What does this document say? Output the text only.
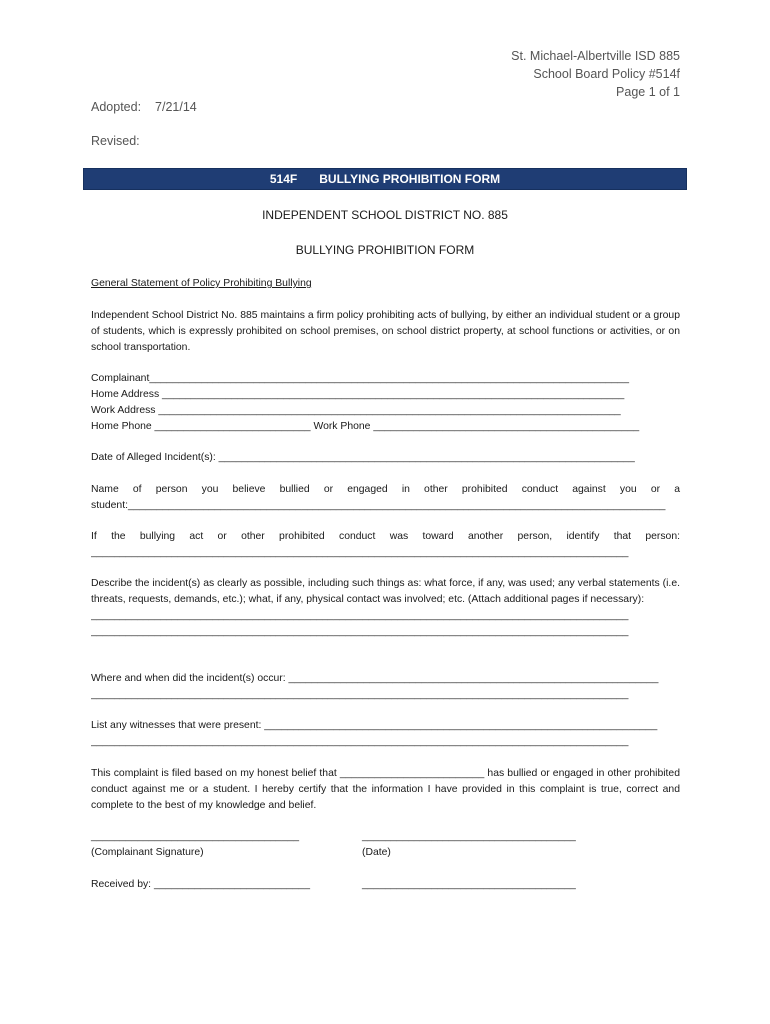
St. Michael-Albertville ISD 885
School Board Policy #514f
Page 1 of 1
Adopted: 7/21/14
Revised:
514F BULLYING PROHIBITION FORM
INDEPENDENT SCHOOL DISTRICT NO. 885
BULLYING PROHIBITION FORM
General Statement of Policy Prohibiting Bullying
Independent School District No. 885 maintains a firm policy prohibiting acts of bullying, by either an individual student or a group of students, which is expressly prohibited on school premises, on school district property, at school functions or activities, or on school transportation.
Complainant___________________________________________________________________________________
Home Address ________________________________________________________________________________
Work Address ________________________________________________________________________________
Home Phone ___________________________ Work Phone ______________________________________________
Date of Alleged Incident(s): ________________________________________________________________________
Name of person you believe bullied or engaged in other prohibited conduct against you or a
student:_____________________________________________________________________________________________
If the bullying act or other prohibited conduct was toward another person, identify that person:
_____________________________________________________________________________________________
Describe the incident(s) as clearly as possible, including such things as: what force, if any, was used; any verbal statements (i.e. threats, requests, demands, etc.); what, if any, physical contact was involved; etc. (Attach additional pages if necessary):
_____________________________________________________________________________________________
_____________________________________________________________________________________________
Where and when did the incident(s) occur: ________________________________________________________________
_____________________________________________________________________________________________
List any witnesses that were present: ____________________________________________________________________
_____________________________________________________________________________________________
This complaint is filed based on my honest belief that _________________________ has bullied or engaged in other prohibited conduct against me or a student. I hereby certify that the information I have provided in this complaint is true, correct and complete to the best of my knowledge and belief.
____________________________________
(Complainant Signature)
_____________________________________
(Date)
Received by: ___________________________	_____________________________________
